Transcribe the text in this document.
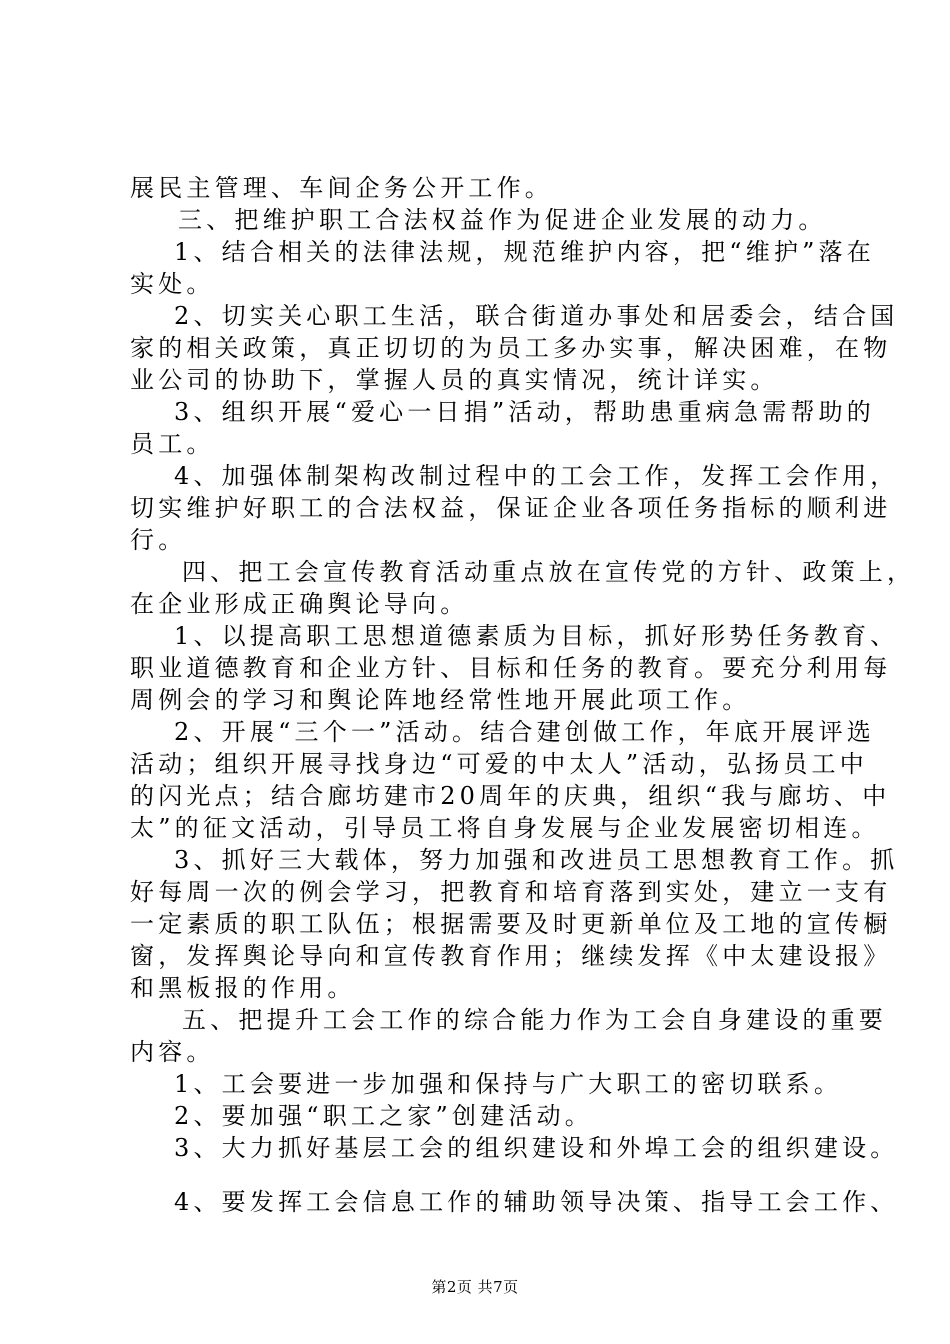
展民主管理、车间企务公开工作。
三、把维护职工合法权益作为促进企业发展的动力。
1、结合相关的法律法规，规范维护内容，把“维护”落在
实处。
2、切实关心职工生活，联合街道办事处和居委会，结合国
家的相关政策，真正切切的为员工多办实事，解决困难，在物
业公司的协助下，掌握人员的真实情况，统计详实。
3、组织开展“爱心一日捐”活动，帮助患重病急需帮助的
员工。
4、加强体制架构改制过程中的工会工作，发挥工会作用，
切实维护好职工的合法权益，保证企业各项任务指标的顺利进
行。
四、把工会宣传教育活动重点放在宣传党的方针、政策上，
在企业形成正确舆论导向。
1、以提高职工思想道德素质为目标，抓好形势任务教育、
职业道德教育和企业方针、目标和任务的教育。要充分利用每
周例会的学习和舆论阵地经常性地开展此项工作。
2、开展“三个一”活动。结合建创做工作，年底开展评选
活动；组织开展寻找身边“可爱的中太人”活动，弘扬员工中
的闪光点；结合廊坊建市20周年的庆典，组织“我与廊坊、中
太”的征文活动，引导员工将自身发展与企业发展密切相连。
3、抓好三大载体，努力加强和改进员工思想教育工作。抓
好每周一次的例会学习，把教育和培育落到实处，建立一支有
一定素质的职工队伍；根据需要及时更新单位及工地的宣传橱
窗，发挥舆论导向和宣传教育作用；继续发挥《中太建设报》
和黑板报的作用。
五、把提升工会工作的综合能力作为工会自身建设的重要
内容。
1、工会要进一步加强和保持与广大职工的密切联系。
2、要加强“职工之家”创建活动。
3、大力抓好基层工会的组织建设和外埠工会的组织建设。
4、要发挥工会信息工作的辅助领导决策、指导工会工作、
第2页 共7页
